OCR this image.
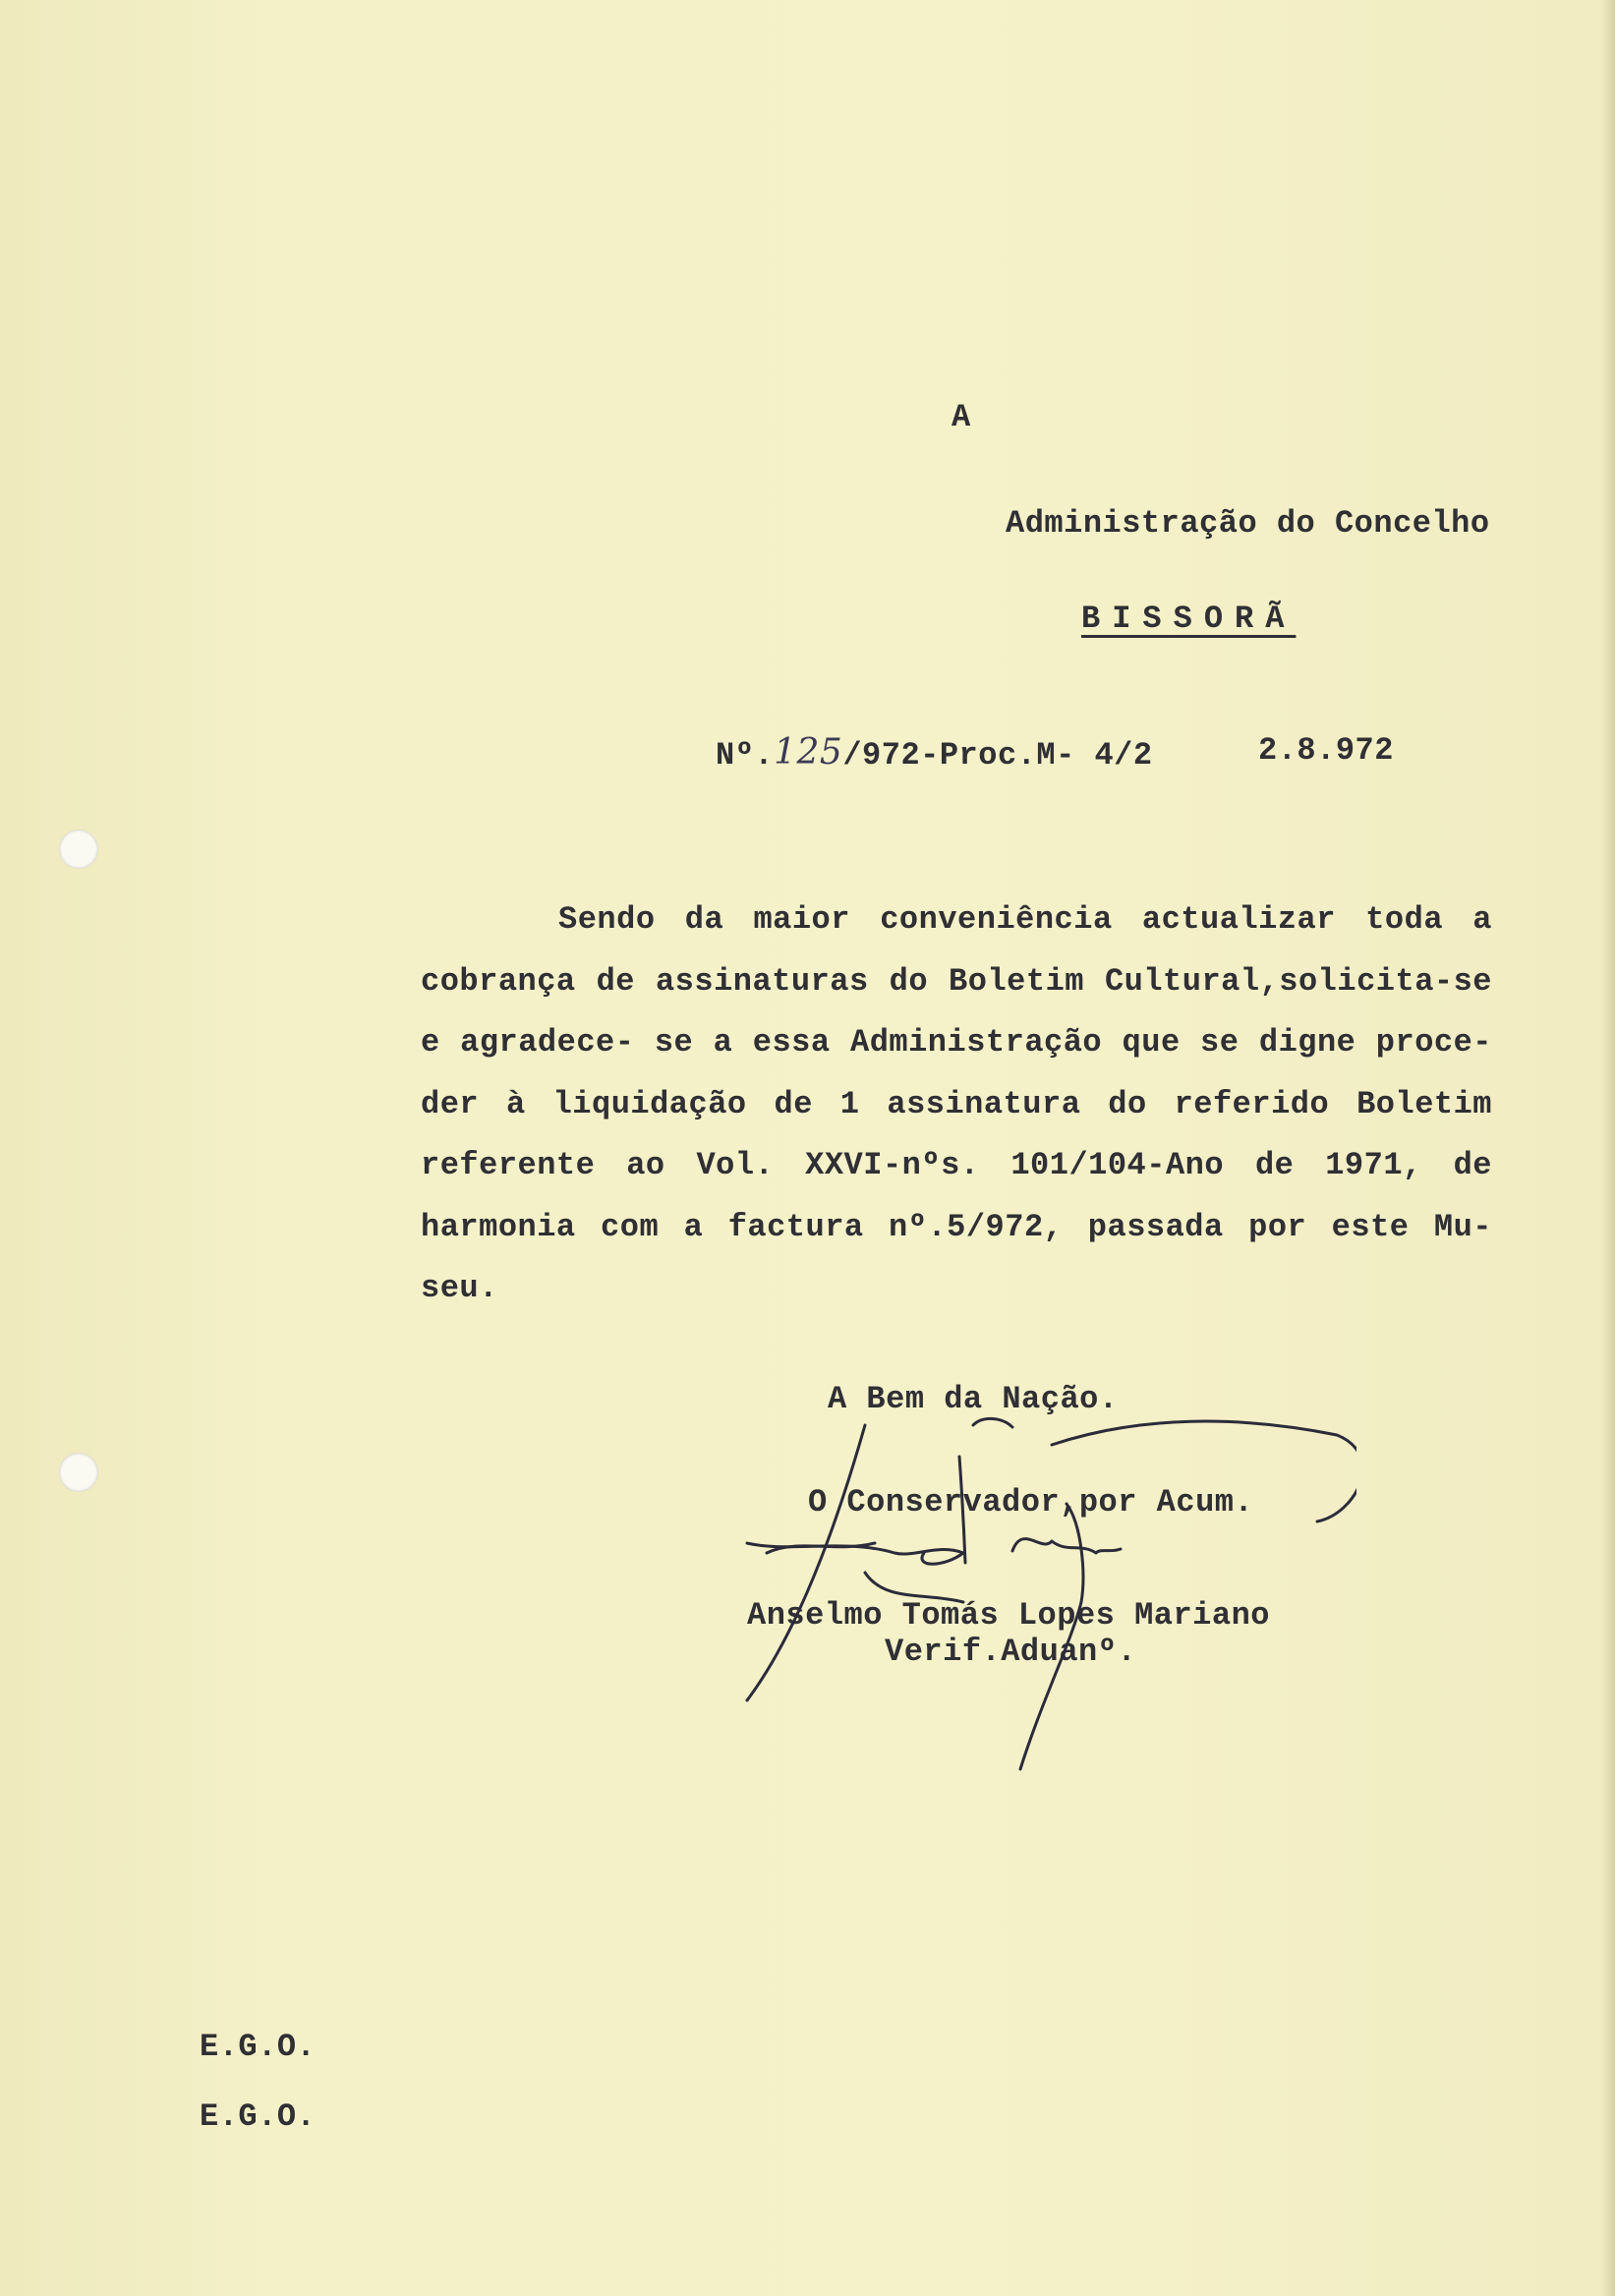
A
Administração do Concelho
BISSORÃ
Nº.125/972-Proc.M- 4/2	2.8.972
Sendo da maior conveniência actualizar toda a
cobrança de assinaturas do Boletim Cultural,solicita-se
e agradece- se a essa Administração que se digne proce-
der à liquidação de 1 assinatura do referido Boletim
referente ao Vol. XXVI-nºs. 101/104-Ano de 1971, de
harmonia com a factura nº.5/972, passada por este Mu-
seu.
A Bem da Nação.
O Conservador,por Acum.
Anselmo Tomás Lopes Mariano
Verif.Aduanº.
E.G.O.
E.G.O.
